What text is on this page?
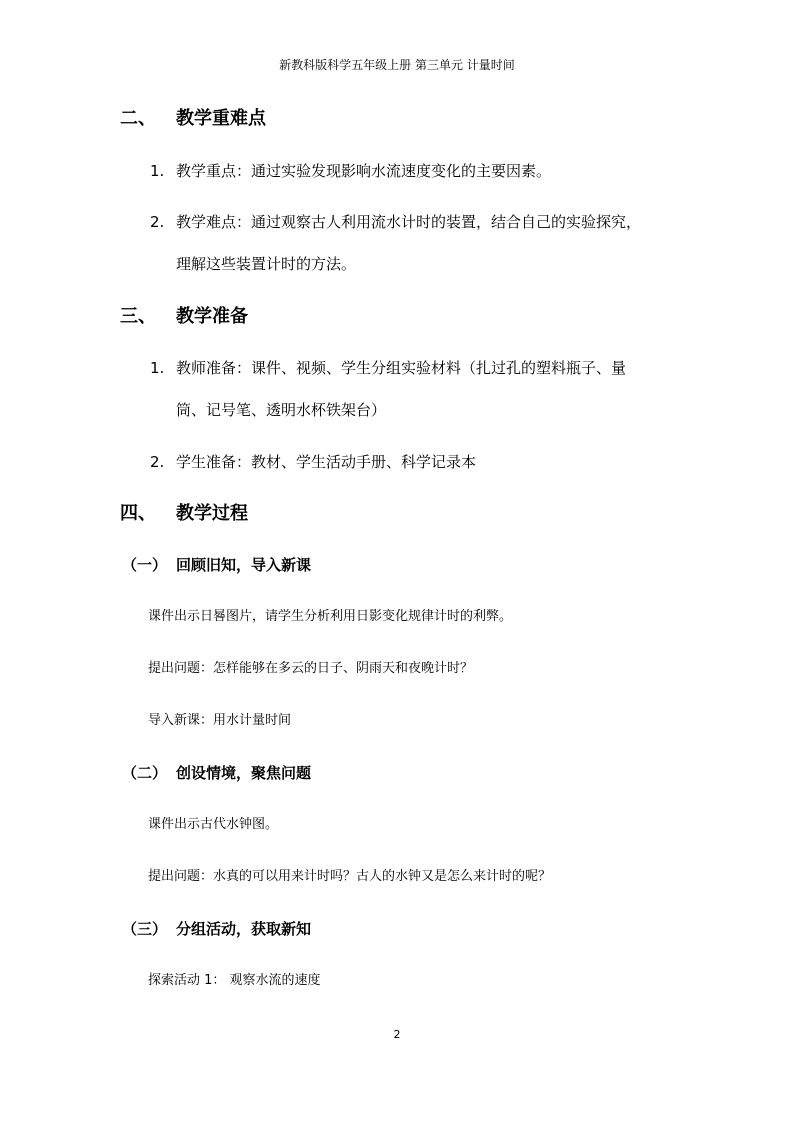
新教科版科学五年级上册 第三单元 计量时间
二、 教学重难点
1. 教学重点：通过实验发现影响水流速度变化的主要因素。
2. 教学难点：通过观察古人利用流水计时的装置，结合自己的实验探究，
理解这些装置计时的方法。
三、 教学准备
1. 教师准备：课件、视频、学生分组实验材料（扎过孔的塑料瓶子、量
筒、记号笔、透明水杯铁架台）
2. 学生准备：教材、学生活动手册、科学记录本
四、 教学过程
（一） 回顾旧知，导入新课
课件出示日晷图片，请学生分析利用日影变化规律计时的利弊。
提出问题：怎样能够在多云的日子、阴雨天和夜晚计时？
导入新课：用水计量时间
（二） 创设情境，聚焦问题
课件出示古代水钟图。
提出问题：水真的可以用来计时吗？古人的水钟又是怎么来计时的呢？
（三） 分组活动，获取新知
探索活动 1： 观察水流的速度
2
